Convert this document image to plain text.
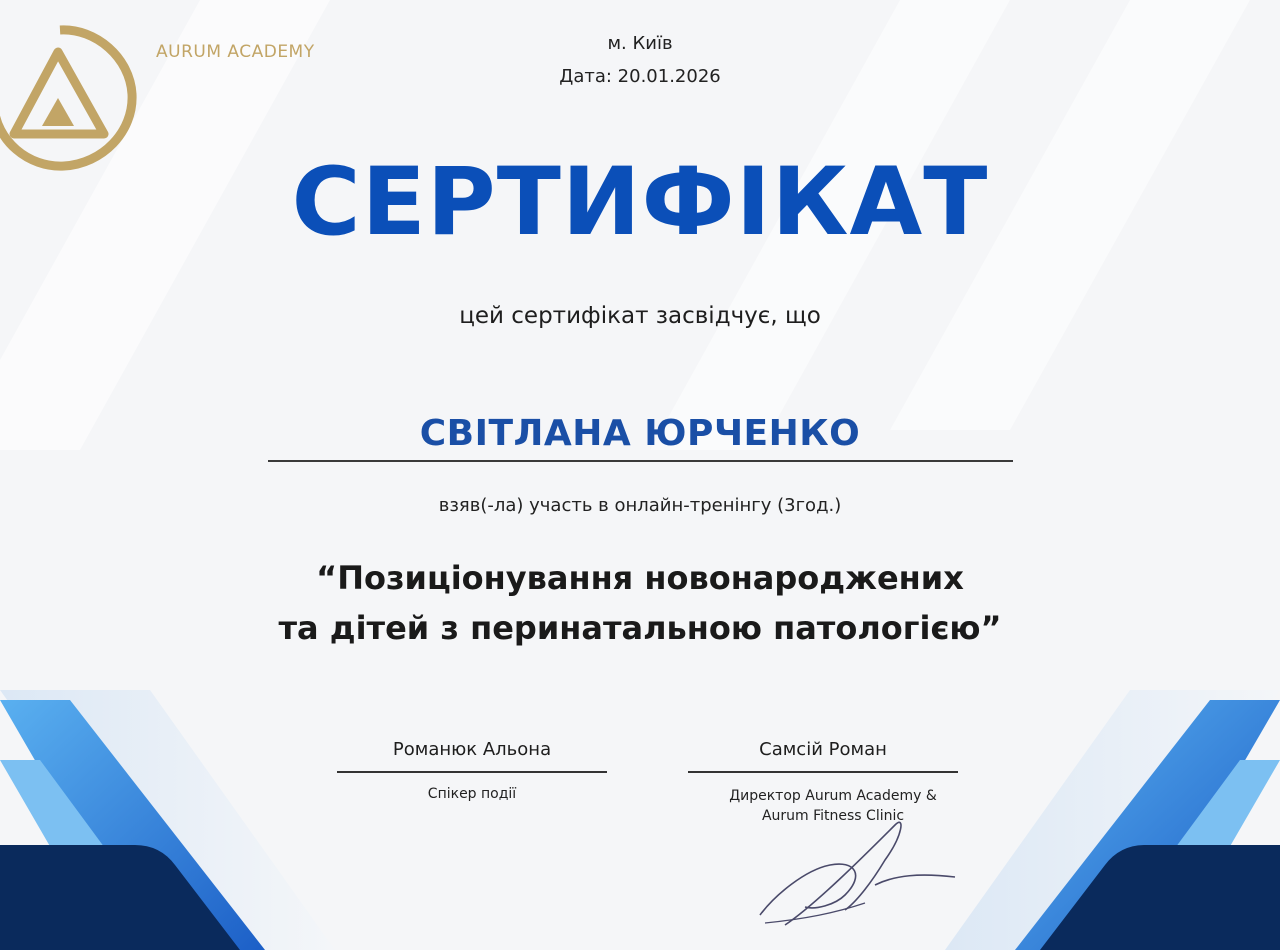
AURUM ACADEMY	м. Київ
Дата: 20.01.2026
СЕРТИФІКАТ
цей сертифікат засвідчує, що
СВІТЛАНА ЮРЧЕНКО
взяв(-ла) участь в онлайн-тренінгу (3год.)
“Позиціонування новонароджених
та дітей з перинатальною патологією”
Романюк Альона
Спікер події
Самсій Роман
Директор Aurum Academy &
Aurum Fitness Clinic
